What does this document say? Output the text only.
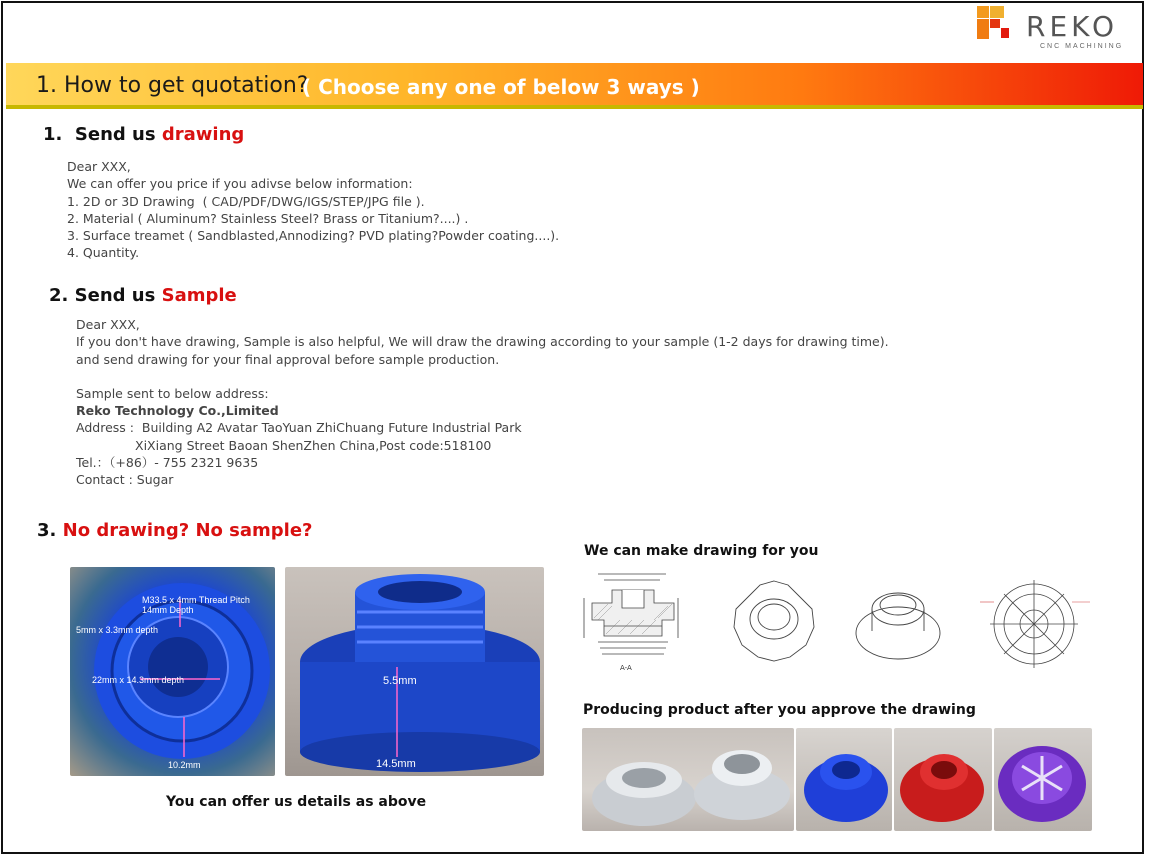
REKO
CNC MACHINING
1. How to get quotation?
( Choose any one of below 3 ways )
1. Send us drawing
Dear XXX,
We can offer you price if you adivse below information:
1. 2D or 3D Drawing  ( CAD/PDF/DWG/IGS/STEP/JPG file ).
2. Material ( Aluminum? Stainless Steel? Brass or Titanium?....) .
3. Surface treamet ( Sandblasted,Annodizing? PVD plating?Powder coating....).
4. Quantity.
2. Send us Sample
Dear XXX,
If you don't have drawing, Sample is also helpful, We will draw the drawing according to your sample (1-2 days for drawing time).
and send drawing for your final approval before sample production.
Sample sent to below address:
Reko Technology Co.,Limited
Address : Building A2 Avatar TaoYuan ZhiChuang Future Industrial Park
XiXiang Street Baoan ShenZhen China,Post code:518100
Tel.：（+86）- 755 2321 9635
Contact : Sugar
3. No drawing? No sample?
M33.5 x 4mm Thread Pitch
14mm Depth
5mm x 3.3mm depth
22mm x 14.3mm depth
10.2mm
5.5mm
14.5mm
You can offer us details as above
We can make drawing for you
A-A
Producing product after you approve the drawing
